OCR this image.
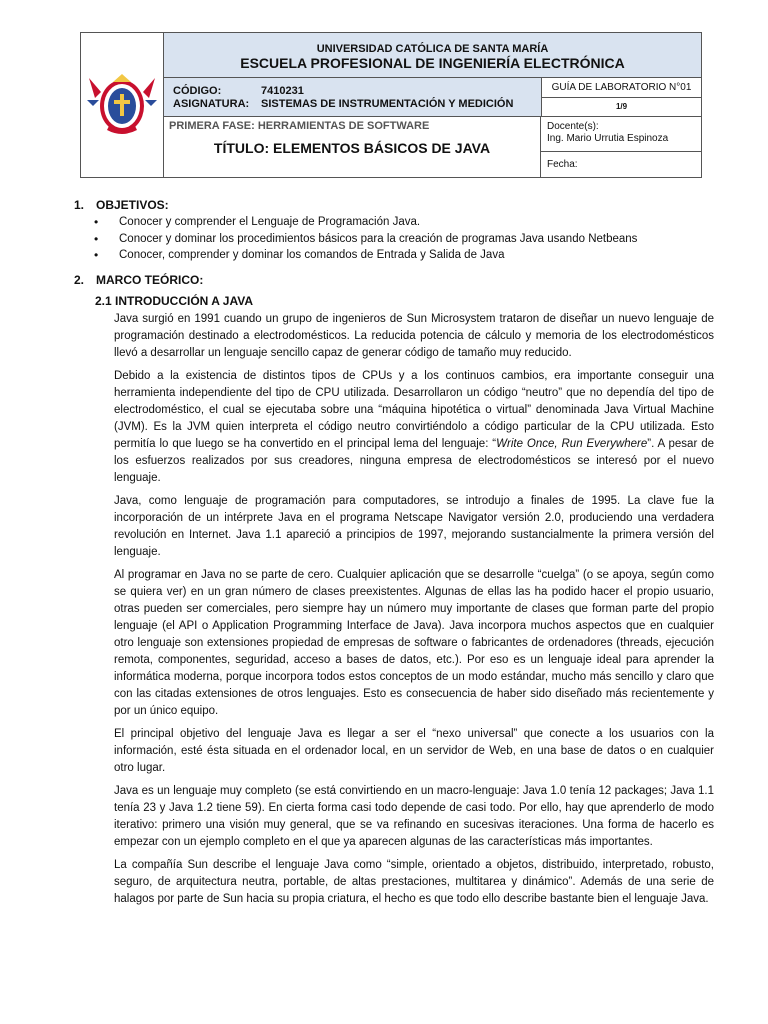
UNIVERSIDAD CATÓLICA DE SANTA MARÍA
ESCUELA PROFESIONAL DE INGENIERÍA ELECTRÓNICA
CÓDIGO:	7410231
ASIGNATURA: SISTEMAS DE INSTRUMENTACIÓN Y MEDICIÓN
PRIMERA FASE: HERRAMIENTAS DE SOFTWARE
TÍTULO: ELEMENTOS BÁSICOS DE JAVA
GUÍA DE LABORATORIO N°01
1/9
Docente(s):
Ing. Mario Urrutia Espinoza
Fecha:
1. OBJETIVOS:
• Conocer y comprender el Lenguaje de Programación Java.
• Conocer y dominar los procedimientos básicos para la creación de programas Java usando Netbeans
• Conocer, comprender y dominar los comandos de Entrada y Salida de Java
2. MARCO TEÓRICO:
2.1 INTRODUCCIÓN A JAVA

Java surgió en 1991 cuando un grupo de ingenieros de Sun Microsystem trataron de diseñar un nuevo lenguaje de programación destinado a electrodomésticos. La reducida potencia de cálculo y memoria de los electrodomésticos llevó a desarrollar un lenguaje sencillo capaz de generar código de tamaño muy reducido.

Debido a la existencia de distintos tipos de CPUs y a los continuos cambios, era importante conseguir una herramienta independiente del tipo de CPU utilizada. Desarrollaron un código “neutro” que no dependía del tipo de electrodoméstico, el cual se ejecutaba sobre una “máquina hipotética o virtual” denominada Java Virtual Machine (JVM). Es la JVM quien interpreta el código neutro convirtiéndolo a código particular de la CPU utilizada. Esto permitía lo que luego se ha convertido en el principal lema del lenguaje: “Write Once, Run Everywhere”. A pesar de los esfuerzos realizados por sus creadores, ninguna empresa de electrodomésticos se interesó por el nuevo lenguaje.

Java, como lenguaje de programación para computadores, se introdujo a finales de 1995. La clave fue la incorporación de un intérprete Java en el programa Netscape Navigator versión 2.0, produciendo una verdadera revolución en Internet. Java 1.1 apareció a principios de 1997, mejorando sustancialmente la primera versión del lenguaje.

Al programar en Java no se parte de cero. Cualquier aplicación que se desarrolle “cuelga” (o se apoya, según como se quiera ver) en un gran número de clases preexistentes. Algunas de ellas las ha podido hacer el propio usuario, otras pueden ser comerciales, pero siempre hay un número muy importante de clases que forman parte del propio lenguaje (el API o Application Programming Interface de Java). Java incorpora muchos aspectos que en cualquier otro lenguaje son extensiones propiedad de empresas de software o fabricantes de ordenadores (threads, ejecución remota, componentes, seguridad, acceso a bases de datos, etc.). Por eso es un lenguaje ideal para aprender la informática moderna, porque incorpora todos estos conceptos de un modo estándar, mucho más sencillo y claro que con las citadas extensiones de otros lenguajes. Esto es consecuencia de haber sido diseñado más recientemente y por un único equipo.

El principal objetivo del lenguaje Java es llegar a ser el “nexo universal” que conecte a los usuarios con la información, esté ésta situada en el ordenador local, en un servidor de Web, en una base de datos o en cualquier otro lugar.

Java es un lenguaje muy completo (se está convirtiendo en un macro-lenguaje: Java 1.0 tenía 12 packages; Java 1.1 tenía 23 y Java 1.2 tiene 59). En cierta forma casi todo depende de casi todo. Por ello, hay que aprenderlo de modo iterativo: primero una visión muy general, que se va refinando en sucesivas iteraciones. Una forma de hacerlo es empezar con un ejemplo completo en el que ya aparecen algunas de las características más importantes.

La compañía Sun describe el lenguaje Java como “simple, orientado a objetos, distribuido, interpretado, robusto, seguro, de arquitectura neutra, portable, de altas prestaciones, multitarea y dinámico”. Además de una serie de halagos por parte de Sun hacia su propia criatura, el hecho es que todo ello describe bastante bien el lenguaje Java.
